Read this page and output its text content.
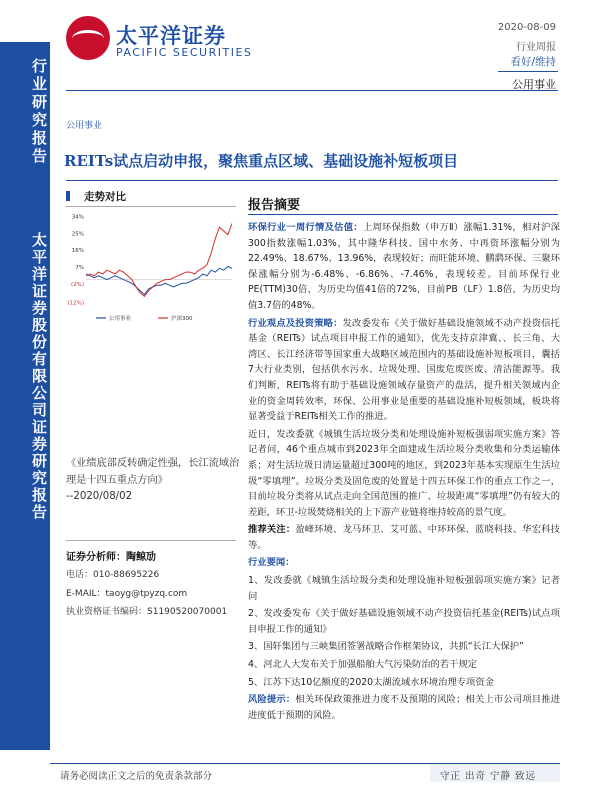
行业研究报告
太平洋证券股份有限公司证券研究报告
太平洋证券
PACIFIC SECURITIES
2020-08-09
行业周报
看好/维持
公用事业
公用事业
REITs试点启动申报，聚焦重点区域、基础设施补短板项目
走势对比
34%
25%
16%
7%
(2%)
(12%)
公用事业	沪深300
《业绩底部反转确定性强，长江流域治理是十四五重点方向》
--2020/08/02
证券分析师：陶鲸劢
电话：010-88695226
E-MAIL：taoyg@tpyzq.com
执业资格证书编码：S1190520070001
报告摘要

环保行业一周行情及估值：上周环保指数（申万Ⅱ）涨幅1.31%，相对沪深300指数涨幅1.03%，其中隆华科技、国中水务、中再资环涨幅分别为22.49%、18.67%、13.96%，表现较好；而旺能环境、鹏鹞环保、三聚环保涨幅分别为-6.48%、-6.86%、-7.46%，表现较差。目前环保行业PE(TTM)30倍，为历史均值41倍的72%，目前PB（LF）1.8倍，为历史均值3.7倍的48%。

行业观点及投资策略：发改委发布《关于做好基础设施领域不动产投资信托基金（REITs）试点项目申报工作的通知》，优先支持京津冀、、长三角、大湾区、长江经济带等国家重大战略区域范围内的基础设施补短板项目，囊括7大行业类别，包括供水污水、垃圾处理、国废危废医废、清洁能源等。我们判断，REITs将有助于基础设施领域存量资产的盘活，提升相关领域内企业的资金周转效率，环保、公用事业是重要的基础设施补短板领域，板块将显著受益于REITs相关工作的推进。

近日，发改委就《城镇生活垃圾分类和处理设施补短板强弱项实施方案》答记者问，46个重点城市到2023年全面建成生活垃圾分类收集和分类运输体系；对生活垃圾日清运量超过300吨的地区，到2023年基本实现原生生活垃圾“零填埋”。垃圾分类及固危废的处置是十四五环保工作的重点工作之一，目前垃圾分类将从试点走向全国范围的推广、垃圾距离“零填埋”仍有较大的差距，环卫-垃圾焚烧相关的上下游产业链将维持较高的景气度。

推荐关注：盈峰环境、龙马环卫、艾可蓝、中环环保、蓝晓科技、华宏科技等。

行业要闻：

1、发改委就《城镇生活垃圾分类和处理设施补短板强弱项实施方案》记者问

2、发改委发布《关于做好基础设施领域不动产投资信托基金(REITs)试点项目申报工作的通知》

3、国轩集团与三峡集团签署战略合作框架协议，共抓“长江大保护”

4、河北人大发布关于加强船舶大气污染防治的若干规定

5、江苏下达10亿额度的2020太湖流域水环境治理专项资金

风险提示：相关环保政策推进力度不及预期的风险；相关上市公司项目推进进度低于预期的风险。

请务必阅读正文之后的免责条款部分	守正 出奇 宁静 致远
